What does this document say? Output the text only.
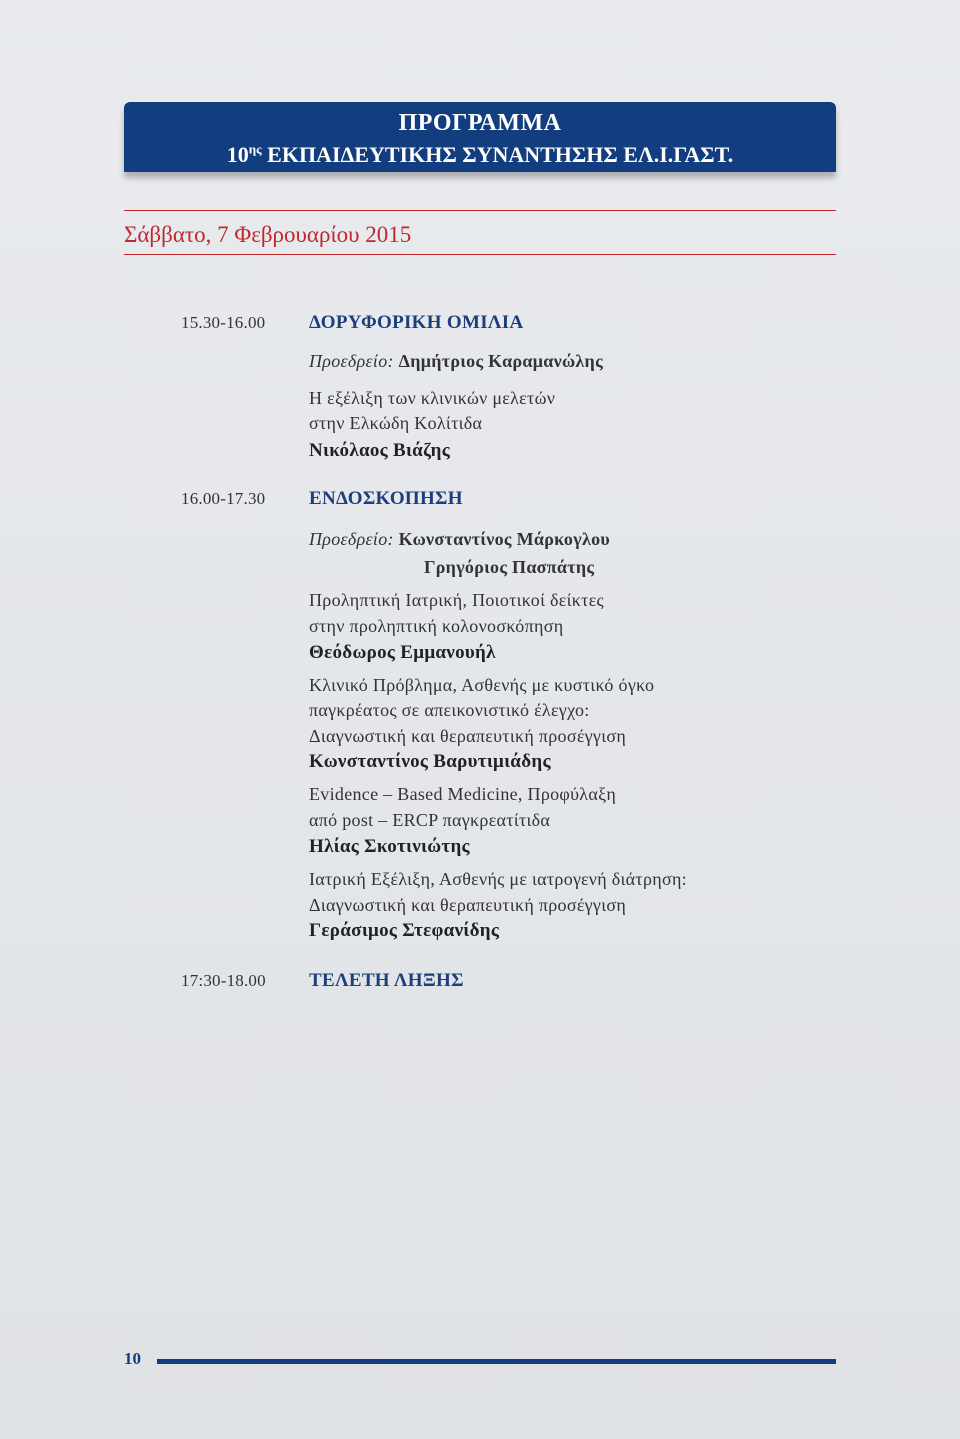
ΠΡΟΓΡΑΜΜΑ
$10^{\eta\varsigma}$ ΕΚΠΑΙΔΕΥΤΙΚΗΣ ΣΥΝΑΝΤΗΣΗΣ ΕΛ.Ι.ΓΑΣΤ.
Σάββατο, 7 Φεβρουαρίου 2015
15.30-16.00 ΔΟΡΥΦΟΡΙΚΗ ΟΜΙΛΙΑ
Προεδρείο: Δημήτριος Καραμανώλης
Η εξέλιξη των κλινικών μελετών
στην Ελκώδη Κολίτιδα
Νικόλαος Βιάζης
16.00-17.30 ΕΝΔΟΣΚΟΠΗΣΗ
Προεδρείο: Κωνσταντίνος Μάρκογλου
Γρηγόριος Πασπάτης
Προληπτική Ιατρική, Ποιοτικοί δείκτες
στην προληπτική κολονοσκόπηση
Θεόδωρος Εμμανουήλ
Κλινικό Πρόβλημα, Ασθενής με κυστικό όγκο
παγκρέατος σε απεικονιστικό έλεγχο:
Διαγνωστική και θεραπευτική προσέγγιση
Κωνσταντίνος Βαρυτιμιάδης
Evidence – Based Medicine, Προφύλαξη
από post – ERCP παγκρεατίτιδα
Ηλίας Σκοτινιώτης
Ιατρική Εξέλιξη, Ασθενής με ιατρογενή διάτρηση:
Διαγνωστική και θεραπευτική προσέγγιση
Γεράσιμος Στεφανίδης
17:30-18.00 ΤΕΛΕΤΗ ΛΗΞΗΣ
10
